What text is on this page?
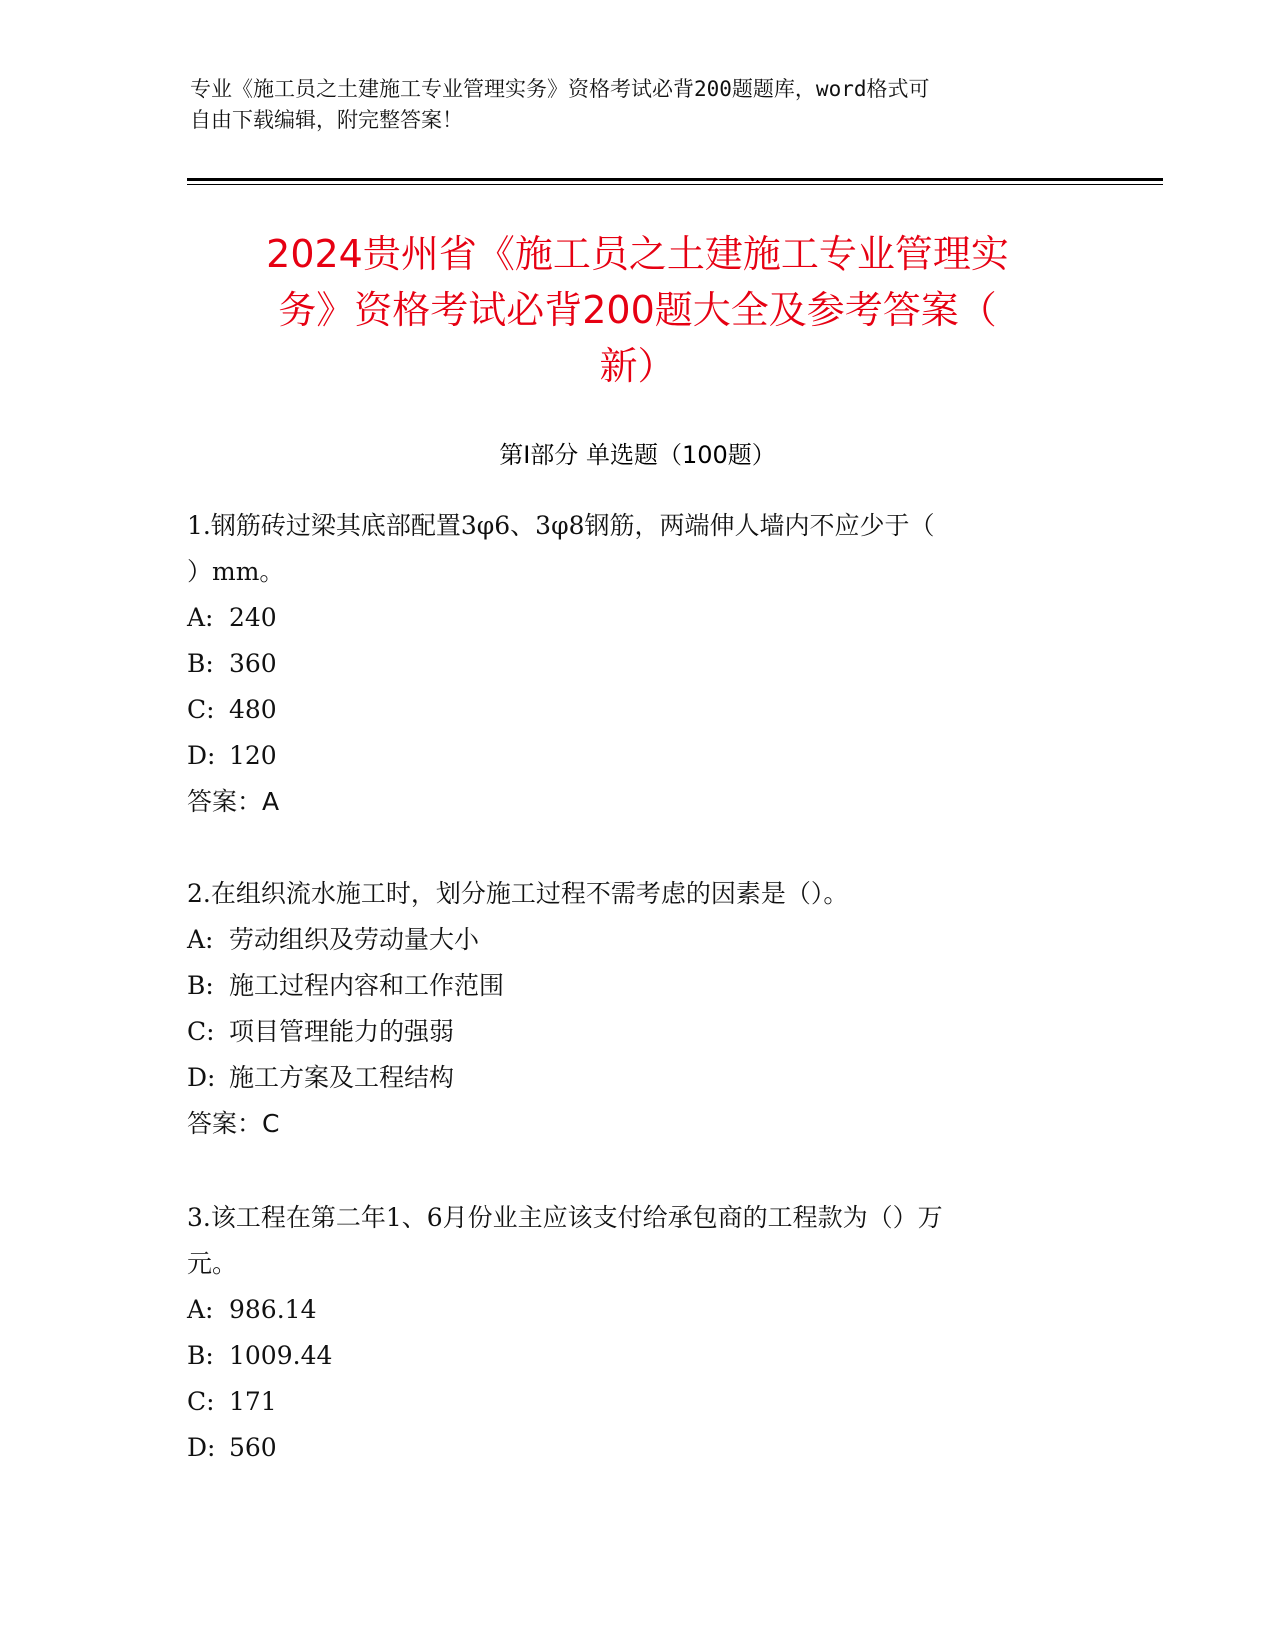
专业《施工员之土建施工专业管理实务》资格考试必背200题题库，word格式可
自由下载编辑，附完整答案！
2024贵州省《施工员之土建施工专业管理实
务》资格考试必背200题大全及参考答案（
新）
第Ⅰ部分 单选题（100题）
1.钢筋砖过梁其底部配置3φ6、3φ8钢筋，两端伸人墙内不应少于（
）mm。
A: 240
B: 360
C: 480
D: 120
答案：A
2.在组织流水施工时，划分施工过程不需考虑的因素是（）。
A: 劳动组织及劳动量大小
B: 施工过程内容和工作范围
C: 项目管理能力的强弱
D: 施工方案及工程结构
答案：C
3.该工程在第二年1、6月份业主应该支付给承包商的工程款为（）万
元。
A: 986.14
B: 1009.44
C: 171
D: 560
